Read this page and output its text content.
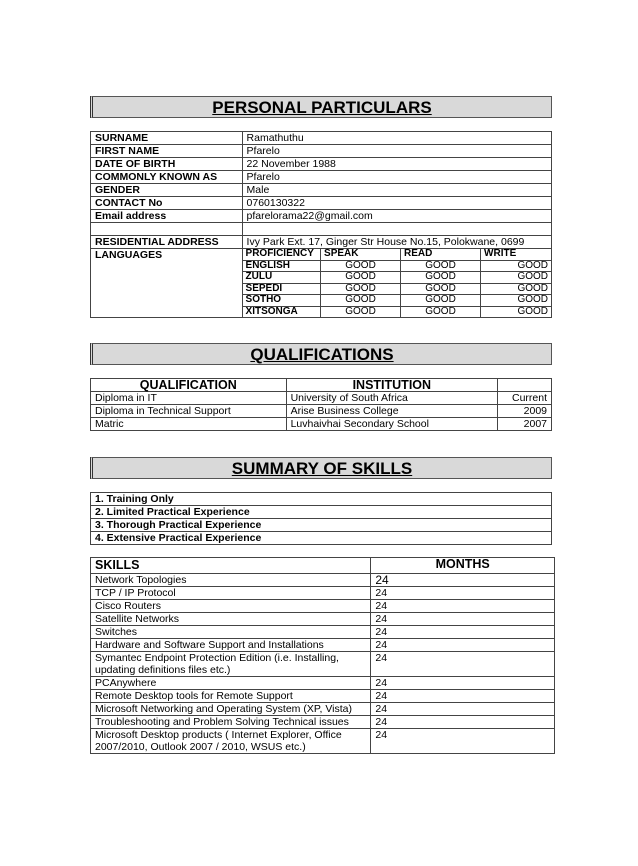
PERSONAL PARTICULARS
SURNAME	Ramathuthu
FIRST NAME	Pfarelo
DATE OF BIRTH	22 November 1988
COMMONLY KNOWN AS	Pfarelo
GENDER	Male
CONTACT No	0760130322
Email address	pfarelorama22@gmail.com

RESIDENTIAL ADDRESS	Ivy Park Ext. 17, Ginger Str House No.15, Polokwane, 0699
LANGUAGES		PROFICIENCY	SPEAK	READ	WRITE
ENGLISH	GOOD	GOOD	GOOD
ZULU	GOOD	GOOD	GOOD
SEPEDI	GOOD	GOOD	GOOD
SOTHO	GOOD	GOOD	GOOD
XITSONGA	GOOD	GOOD	GOOD
QUALIFICATIONS
QUALIFICATION	INSTITUTION	
Diploma in IT	University of South Africa	Current
Diploma in Technical Support	Arise Business College	2009
Matric	Luvhaivhai Secondary School	2007
SUMMARY OF SKILLS
1. Training Only
2. Limited Practical Experience
3. Thorough Practical Experience
4. Extensive Practical Experience
SKILLS	MONTHS
Network Topologies	24
TCP / IP Protocol	24
Cisco Routers	24
Satellite Networks	24
Switches	24
Hardware and Software Support and Installations	24
Symantec Endpoint Protection Edition (i.e. Installing, updating definitions files etc.)	24
PCAnywhere	24
Remote Desktop tools for Remote Support	24
Microsoft Networking and Operating System (XP, Vista)	24
Troubleshooting and Problem Solving Technical issues	24
Microsoft Desktop products ( Internet Explorer, Office 2007/2010, Outlook 2007 / 2010, WSUS etc.)	24
